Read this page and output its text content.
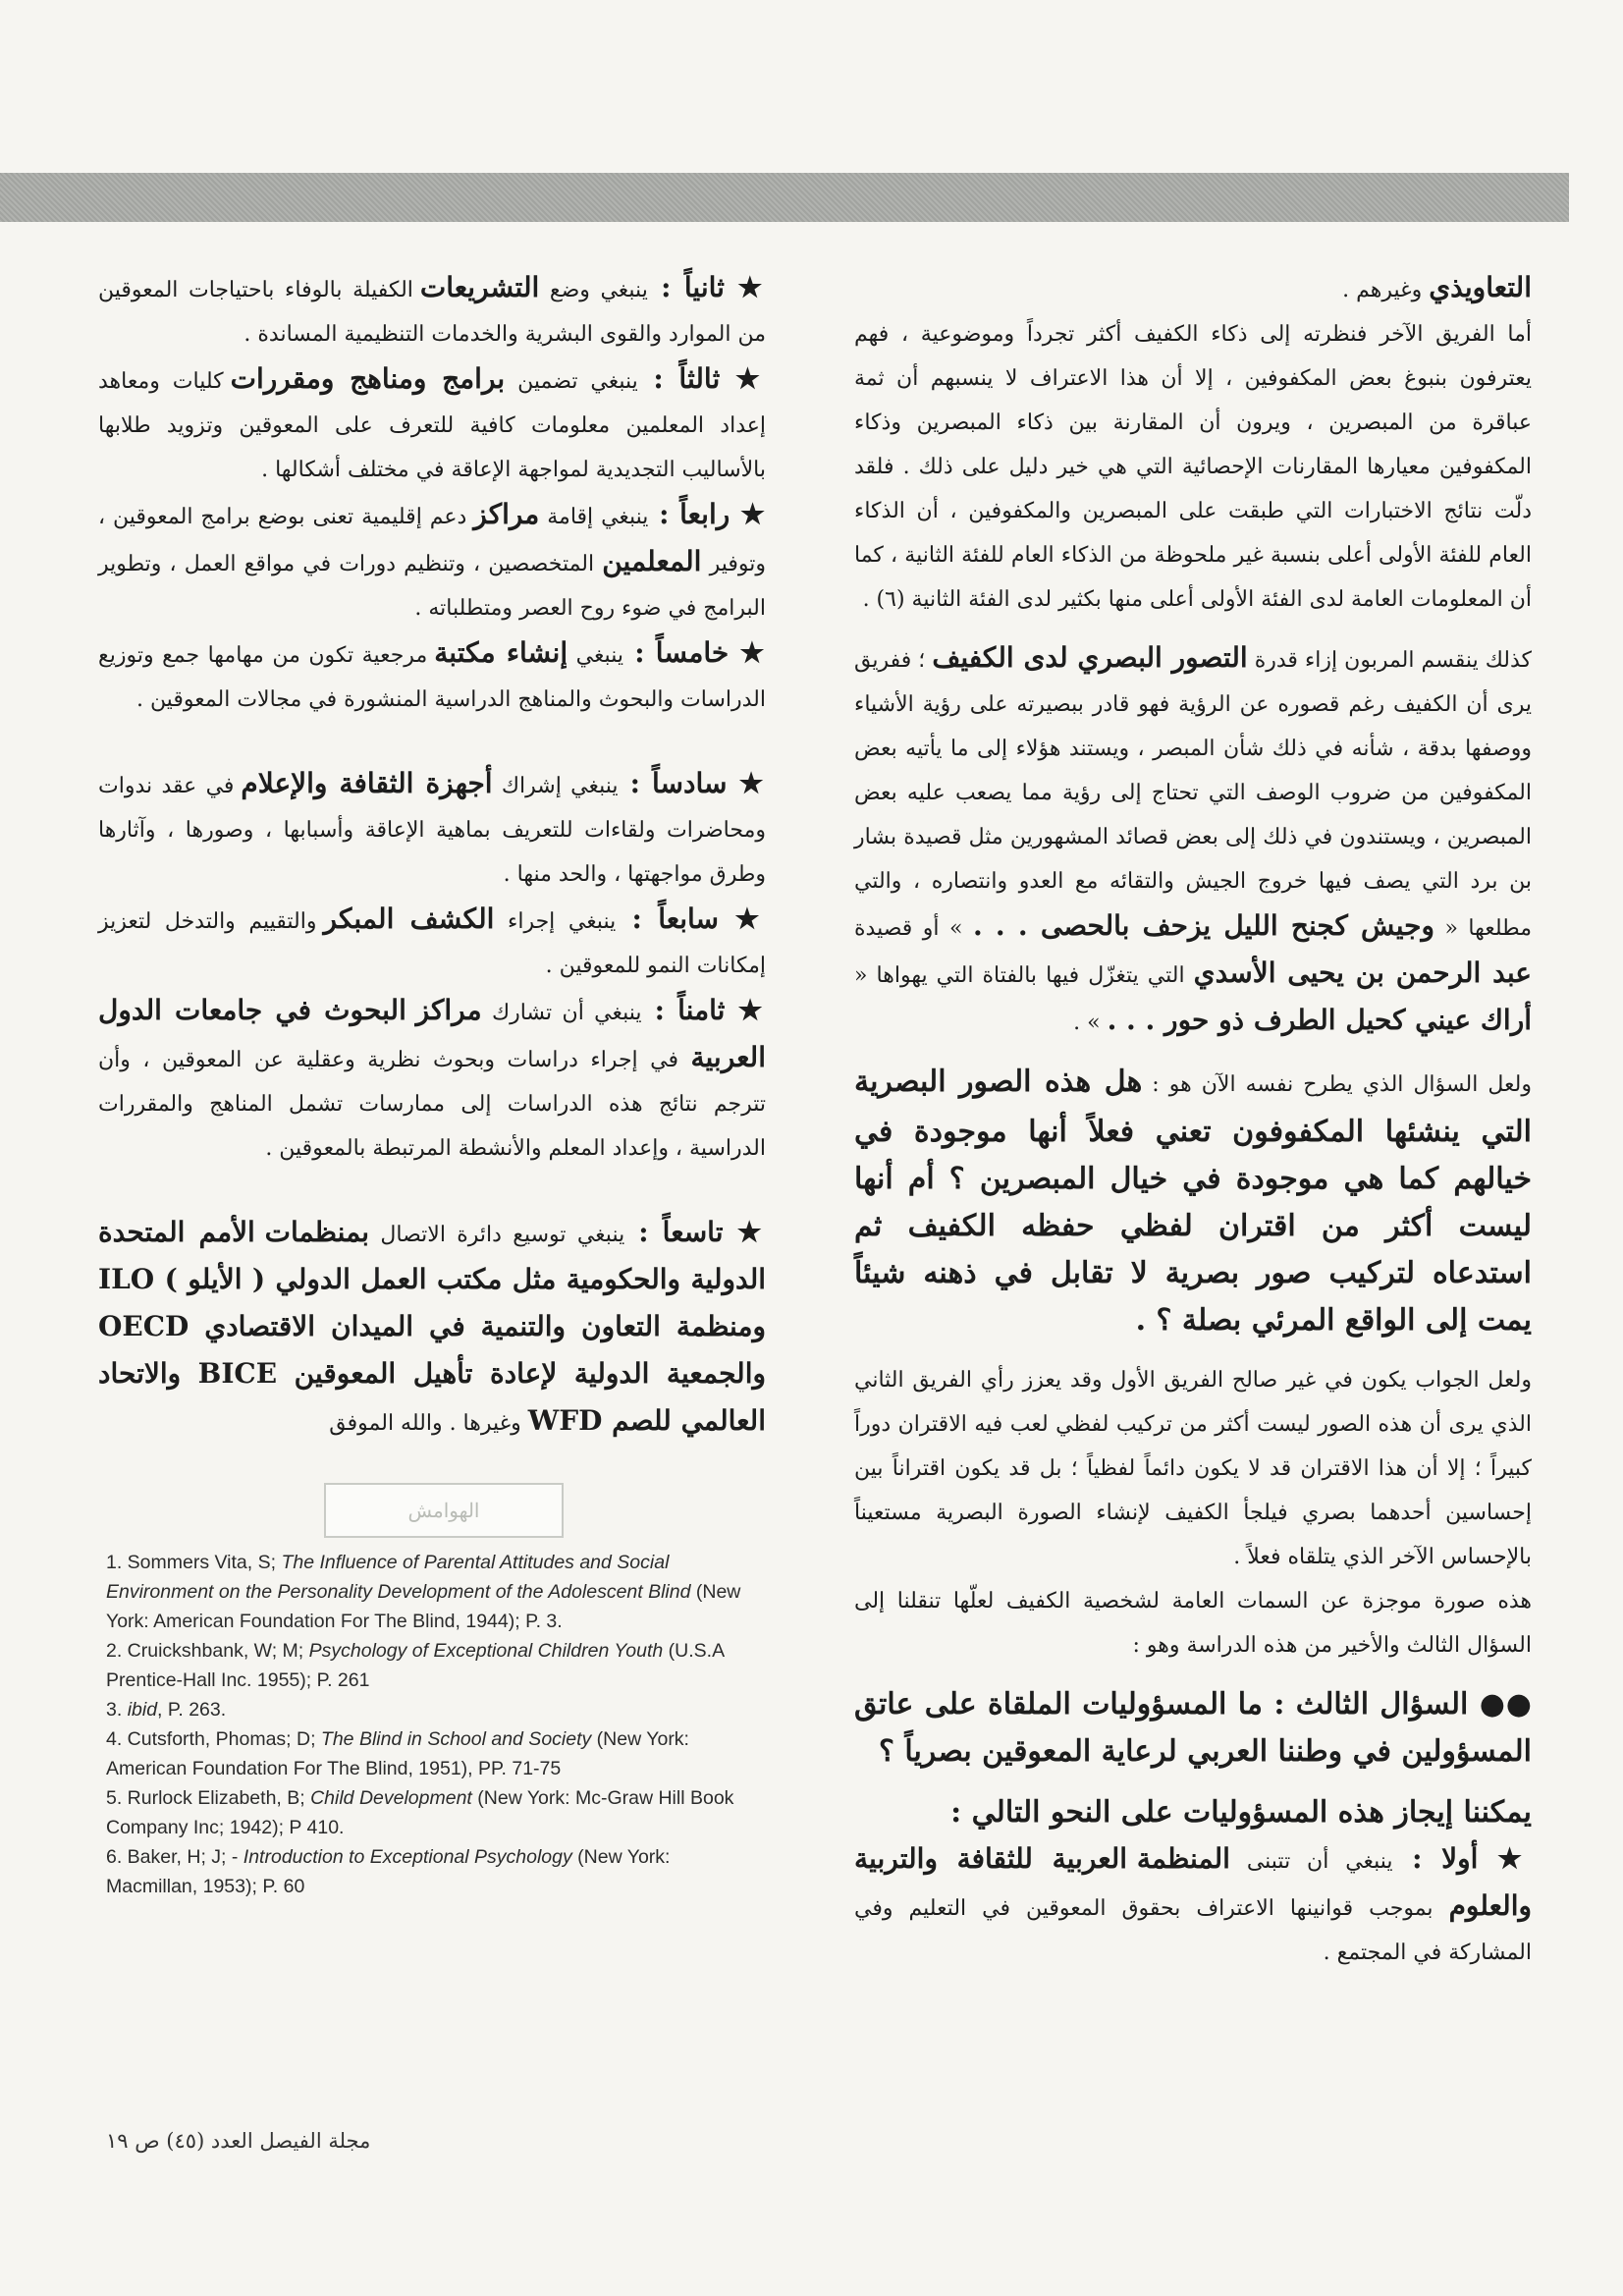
التعاويذي وغيرهم .

أما الفريق الآخر فنظرته إلى ذكاء الكفيف أكثر تجرداً وموضوعية ، فهم يعترفون بنبوغ بعض المكفوفين ، إلا أن هذا الاعتراف لا ينسبهم أن ثمة عباقرة من المبصرين ، ويرون أن المقارنة بين ذكاء المبصرين وذكاء المكفوفين معيارها المقارنات الإحصائية التي هي خير دليل على ذلك . فلقد دلّت نتائج الاختبارات التي طبقت على المبصرين والمكفوفين ، أن الذكاء العام للفئة الأولى أعلى بنسبة غير ملحوظة من الذكاء العام للفئة الثانية ، كما أن المعلومات العامة لدى الفئة الأولى أعلى منها بكثير لدى الفئة الثانية (٦) .

كذلك ينقسم المربون إزاء قدرة التصور البصري لدى الكفيف ؛ ففريق يرى أن الكفيف رغم قصوره عن الرؤية فهو قادر ببصيرته على رؤية الأشياء ووصفها بدقة ، شأنه في ذلك شأن المبصر ، ويستند هؤلاء إلى ما يأتيه بعض المكفوفين من ضروب الوصف التي تحتاج إلى رؤية مما يصعب عليه بعض المبصرين ، ويستندون في ذلك إلى بعض قصائد المشهورين مثل قصيدة بشار بن برد التي يصف فيها خروج الجيش والتقائه مع العدو وانتصاره ، والتي مطلعها « وجيش كجنح الليل يزحف بالحصى . . . » أو قصيدة عبد الرحمن بن يحيى الأسدي التي يتغزّل فيها بالفتاة التي يهواها « أراك عيني كحيل الطرف ذو حور . . . » .

ولعل السؤال الذي يطرح نفسه الآن هو : هل هذه الصور البصرية التي ينشئها المكفوفون تعني فعلاً أنها موجودة في خيالهم كما هي موجودة في خيال المبصرين ؟ أم أنها ليست أكثر من اقتران لفظي حفظه الكفيف ثم استدعاه لتركيب صور بصرية لا تقابل في ذهنه شيئاً يمت إلى الواقع المرئي بصلة ؟ .

ولعل الجواب يكون في غير صالح الفريق الأول وقد يعزز رأي الفريق الثاني الذي يرى أن هذه الصور ليست أكثر من تركيب لفظي لعب فيه الاقتران دوراً كبيراً ؛ إلا أن هذا الاقتران قد لا يكون دائماً لفظياً ؛ بل قد يكون اقتراناً بين إحساسين أحدهما بصري فيلجأ الكفيف لإنشاء الصورة البصرية مستعيناً بالإحساس الآخر الذي يتلقاه فعلاً .

هذه صورة موجزة عن السمات العامة لشخصية الكفيف لعلّها تنقلنا إلى السؤال الثالث والأخير من هذه الدراسة وهو :

●● السؤال الثالث : ما المسؤوليات الملقاة على عاتق المسؤولين في وطننا العربي لرعاية المعوقين بصرياً ؟

يمكننا إيجاز هذه المسؤوليات على النحو التالي :

★ أولا : ينبغي أن تتبنى المنظمة العربية للثقافة والتربية والعلوم بموجب قوانينها الاعتراف بحقوق المعوقين في التعليم وفي المشاركة في المجتمع .

★ ثانياً : ينبغي وضع التشريعات الكفيلة بالوفاء باحتياجات المعوقين من الموارد والقوى البشرية والخدمات التنظيمية المساندة .

★ ثالثاً : ينبغي تضمين برامج ومناهج ومقررات كليات ومعاهد إعداد المعلمين معلومات كافية للتعرف على المعوقين وتزويد طلابها بالأساليب التجديدية لمواجهة الإعاقة في مختلف أشكالها .

★ رابعاً : ينبغي إقامة مراكز دعم إقليمية تعنى بوضع برامج المعوقين ، وتوفير المعلمين المتخصصين ، وتنظيم دورات في مواقع العمل ، وتطوير البرامج في ضوء روح العصر ومتطلباته .

★ خامساً : ينبغي إنشاء مكتبة مرجعية تكون من مهامها جمع وتوزيع الدراسات والبحوث والمناهج الدراسية المنشورة في مجالات المعوقين .

★ سادساً : ينبغي إشراك أجهزة الثقافة والإعلام في عقد ندوات ومحاضرات ولقاءات للتعريف بماهية الإعاقة وأسبابها ، وصورها ، وآثارها وطرق مواجهتها ، والحد منها .

★ سابعاً : ينبغي إجراء الكشف المبكر والتقييم والتدخل لتعزيز إمكانات النمو للمعوقين .

★ ثامناً : ينبغي أن تشارك مراكز البحوث في جامعات الدول العربية في إجراء دراسات وبحوث نظرية وعقلية عن المعوقين ، وأن تترجم نتائج هذه الدراسات إلى ممارسات تشمل المناهج والمقررات الدراسية ، وإعداد المعلم والأنشطة المرتبطة بالمعوقين .

★ تاسعاً : ينبغي توسيع دائرة الاتصال بمنظمات الأمم المتحدة الدولية والحكومية مثل مكتب العمل الدولي ( الأيلو ) ILO ومنظمة التعاون والتنمية في الميدان الاقتصادي OECD والجمعية الدولية لإعادة تأهيل المعوقين BICE والاتحاد العالمي للصم WFD وغيرها . والله الموفق

الهوامش
1. Sommers Vita, S; The Influence of Parental Attitudes and Social Environment on the Personality Development of the Adolescent Blind (New York: American Foundation For The Blind, 1944); P. 3.
2. Cruickshbank, W; M; Psychology of Exceptional Children Youth (U.S.A Prentice-Hall Inc. 1955); P. 261
3. ibid, P. 263.
4. Cutsforth, Phomas; D; The Blind in School and Society (New York: American Foundation For The Blind, 1951), PP. 71-75
5. Rurlock Elizabeth, B; Child Development (New York: Mc-Graw Hill Book Company Inc; 1942); P 410.
6. Baker, H; J; - Introduction to Exceptional Psychology (New York: Macmillan, 1953); P. 60
مجلة الفيصل العدد (٤٥) ص ١٩
